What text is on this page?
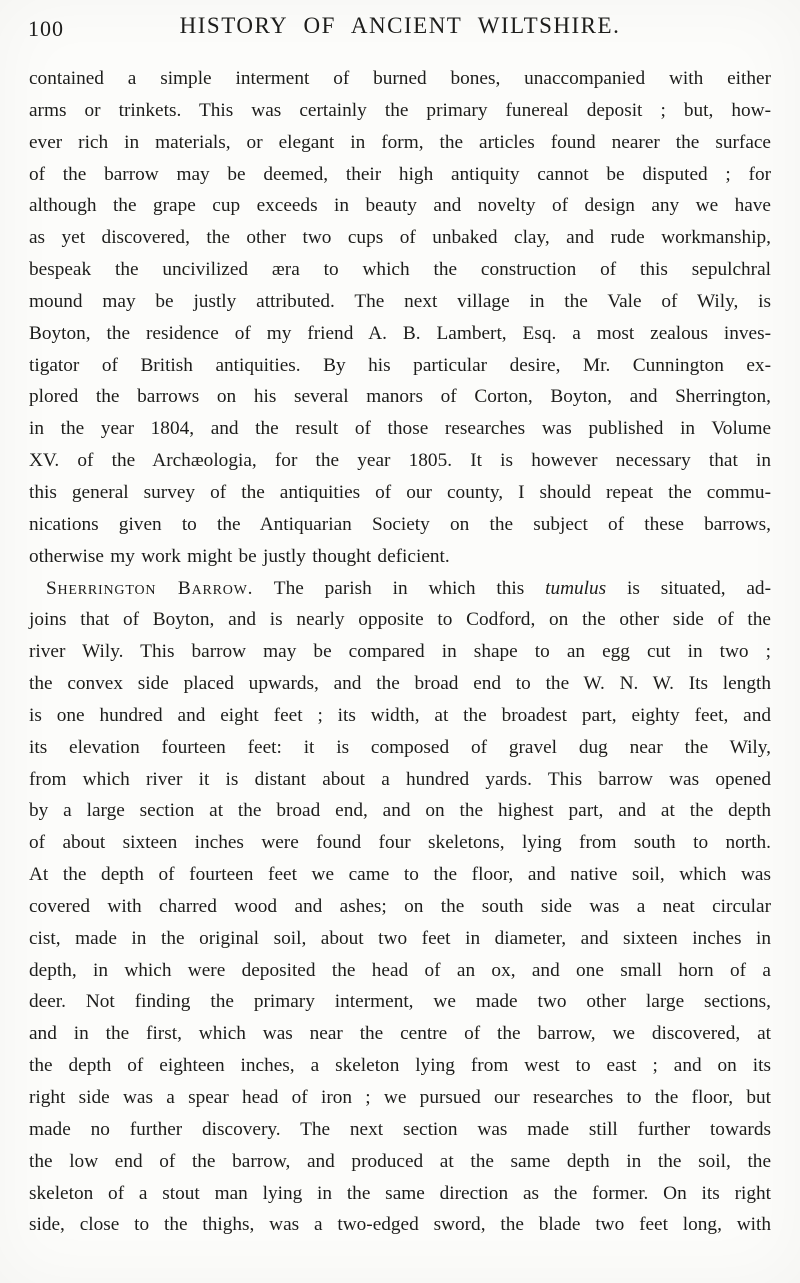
100	HISTORY OF ANCIENT WILTSHIRE.
contained a simple interment of burned bones, unaccompanied with either
arms or trinkets. This was certainly the primary funereal deposit ; but, how-
ever rich in materials, or elegant in form, the articles found nearer the surface
of the barrow may be deemed, their high antiquity cannot be disputed ; for
although the grape cup exceeds in beauty and novelty of design any we have
as yet discovered, the other two cups of unbaked clay, and rude workmanship,
bespeak the uncivilized æra to which the construction of this sepulchral
mound may be justly attributed. The next village in the Vale of Wily, is
Boyton, the residence of my friend A. B. Lambert, Esq. a most zealous inves-
tigator of British antiquities. By his particular desire, Mr. Cunnington ex-
plored the barrows on his several manors of Corton, Boyton, and Sherrington,
in the year 1804, and the result of those researches was published in Volume
XV. of the Archæologia, for the year 1805. It is however necessary that in
this general survey of the antiquities of our county, I should repeat the commu-
nications given to the Antiquarian Society on the subject of these barrows,
otherwise my work might be justly thought deficient.
Sherrington Barrow. The parish in which this tumulus is situated, ad-
joins that of Boyton, and is nearly opposite to Codford, on the other side of the
river Wily. This barrow may be compared in shape to an egg cut in two ;
the convex side placed upwards, and the broad end to the W. N. W. Its length
is one hundred and eight feet ; its width, at the broadest part, eighty feet, and
its elevation fourteen feet: it is composed of gravel dug near the Wily,
from which river it is distant about a hundred yards. This barrow was opened
by a large section at the broad end, and on the highest part, and at the depth
of about sixteen inches were found four skeletons, lying from south to north.
At the depth of fourteen feet we came to the floor, and native soil, which was
covered with charred wood and ashes; on the south side was a neat circular
cist, made in the original soil, about two feet in diameter, and sixteen inches in
depth, in which were deposited the head of an ox, and one small horn of a
deer. Not finding the primary interment, we made two other large sections,
and in the first, which was near the centre of the barrow, we discovered, at
the depth of eighteen inches, a skeleton lying from west to east ; and on its
right side was a spear head of iron ; we pursued our researches to the floor, but
made no further discovery. The next section was made still further towards
the low end of the barrow, and produced at the same depth in the soil, the
skeleton of a stout man lying in the same direction as the former. On its right
side, close to the thighs, was a two-edged sword, the blade two feet long, with
